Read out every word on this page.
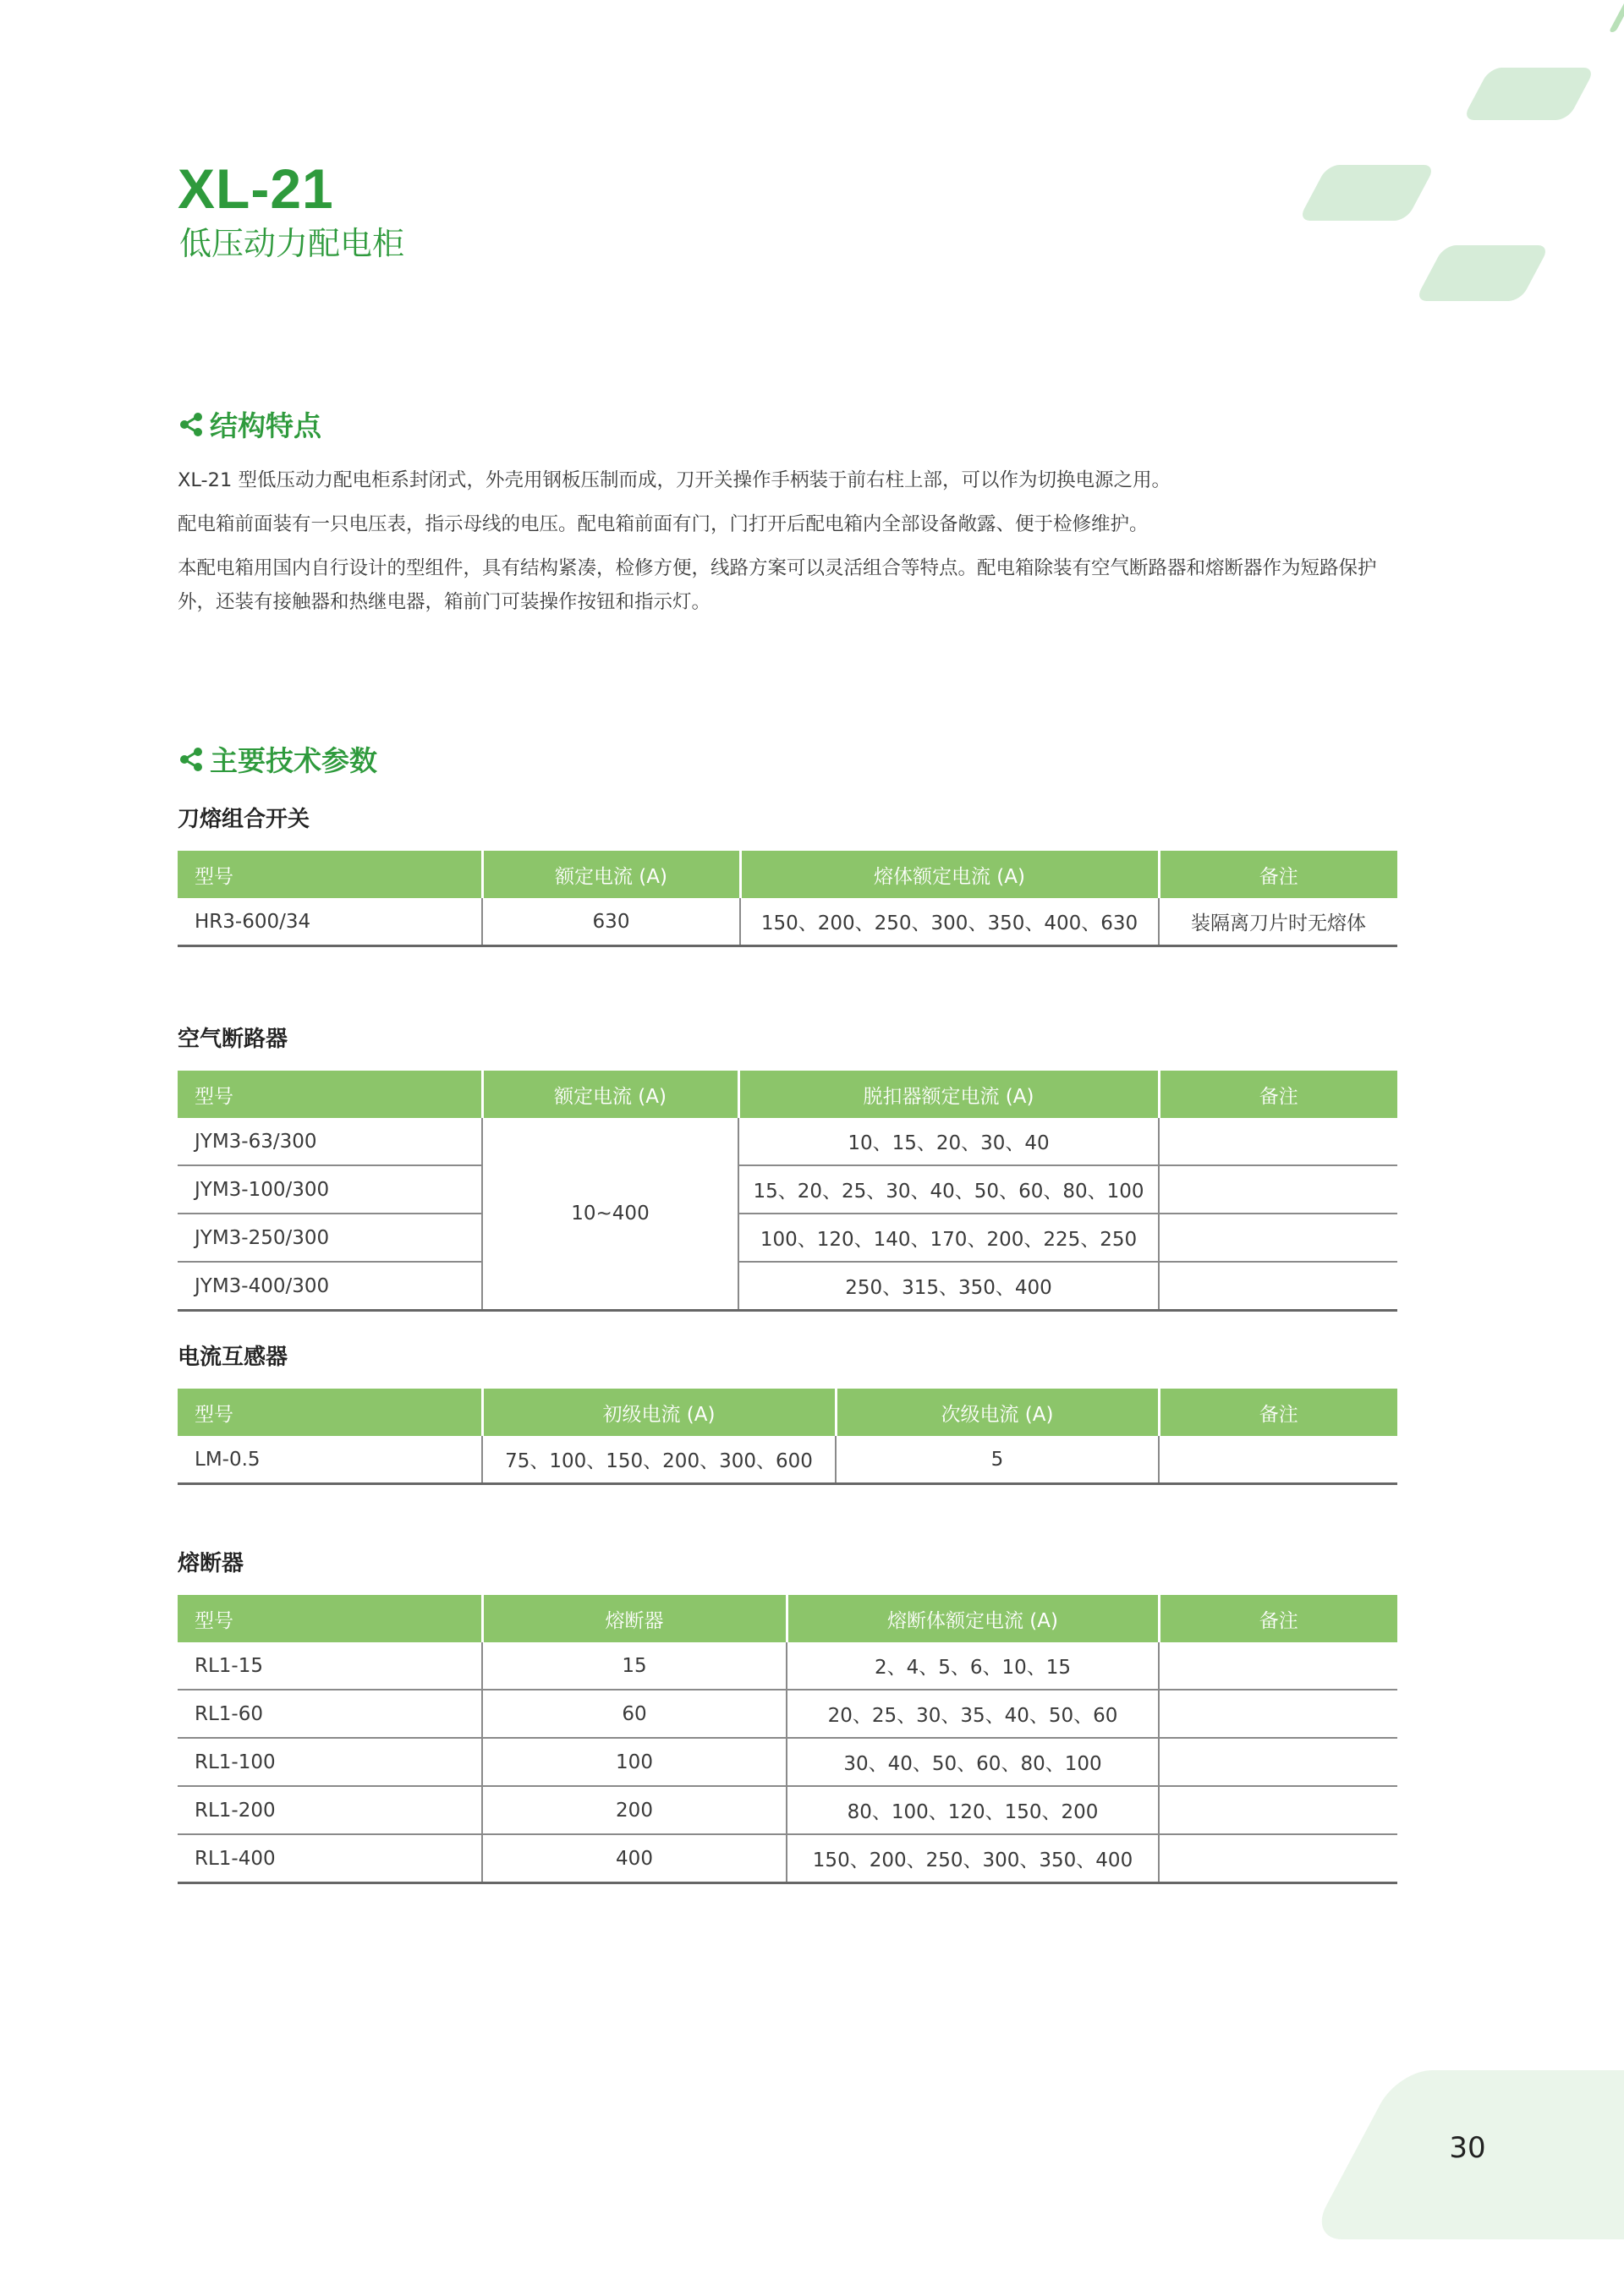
XL-21
低压动力配电柜
结构特点
XL-21 型低压动力配电柜系封闭式，外壳用钢板压制而成，刀开关操作手柄装于前右柱上部，可以作为切换电源之用。
配电箱前面装有一只电压表，指示母线的电压。配电箱前面有门，门打开后配电箱内全部设备敞露、便于检修维护。
本配电箱用国内自行设计的型组件，具有结构紧凑，检修方便，线路方案可以灵活组合等特点。配电箱除装有空气断路器和熔断器作为短路保护外，还装有接触器和热继电器，箱前门可装操作按钮和指示灯。
主要技术参数
刀熔组合开关
型号	额定电流 (A)	熔体额定电流 (A)	备注
HR3-600/34	630	150、200、250、300、350、400、630	装隔离刀片时无熔体
空气断路器
型号	额定电流 (A)	脱扣器额定电流 (A)	备注
JYM3-63/300	10~400	10、15、20、30、40	
JYM3-100/300		15、20、25、30、40、50、60、80、100	
JYM3-250/300		100、120、140、170、200、225、250	
JYM3-400/300		250、315、350、400	
电流互感器
型号	初级电流 (A)	次级电流 (A)	备注
LM-0.5	75、100、150、200、300、600	5	
熔断器
型号	熔断器	熔断体额定电流 (A)	备注
RL1-15	15	2、4、5、6、10、15	
RL1-60	60	20、25、30、35、40、50、60	
RL1-100	100	30、40、50、60、80、100	
RL1-200	200	80、100、120、150、200	
RL1-400	400	150、200、250、300、350、400	
30
